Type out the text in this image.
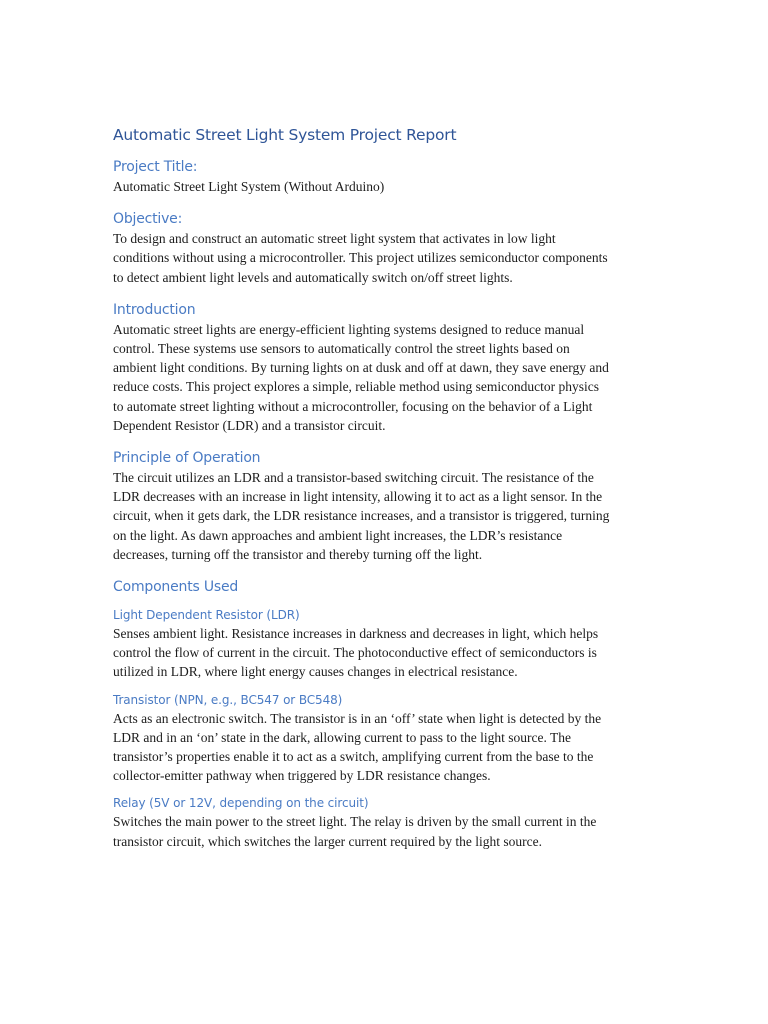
Automatic Street Light System Project Report
Project Title:

Automatic Street Light System (Without Arduino)

Objective:

To design and construct an automatic street light system that activates in low light
conditions without using a microcontroller. This project utilizes semiconductor components
to detect ambient light levels and automatically switch on/off street lights.

Introduction

Automatic street lights are energy-efficient lighting systems designed to reduce manual
control. These systems use sensors to automatically control the street lights based on
ambient light conditions. By turning lights on at dusk and off at dawn, they save energy and
reduce costs. This project explores a simple, reliable method using semiconductor physics
to automate street lighting without a microcontroller, focusing on the behavior of a Light
Dependent Resistor (LDR) and a transistor circuit.

Principle of Operation

The circuit utilizes an LDR and a transistor-based switching circuit. The resistance of the
LDR decreases with an increase in light intensity, allowing it to act as a light sensor. In the
circuit, when it gets dark, the LDR resistance increases, and a transistor is triggered, turning
on the light. As dawn approaches and ambient light increases, the LDR’s resistance
decreases, turning off the transistor and thereby turning off the light.

Components Used
Light Dependent Resistor (LDR)

Senses ambient light. Resistance increases in darkness and decreases in light, which helps
control the flow of current in the circuit. The photoconductive effect of semiconductors is
utilized in LDR, where light energy causes changes in electrical resistance.

Transistor (NPN, e.g., BC547 or BC548)

Acts as an electronic switch. The transistor is in an ‘off’ state when light is detected by the
LDR and in an ‘on’ state in the dark, allowing current to pass to the light source. The
transistor’s properties enable it to act as a switch, amplifying current from the base to the
collector-emitter pathway when triggered by LDR resistance changes.

Relay (5V or 12V, depending on the circuit)

Switches the main power to the street light. The relay is driven by the small current in the
transistor circuit, which switches the larger current required by the light source.
